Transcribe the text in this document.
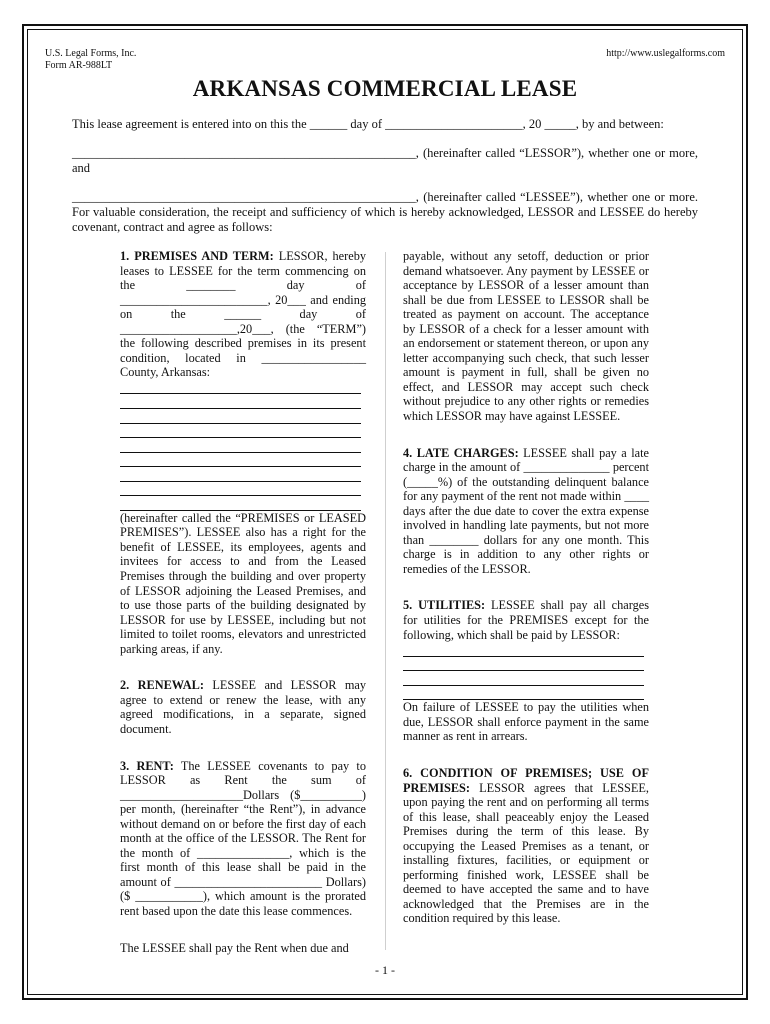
U.S. Legal Forms, Inc.
Form AR-988LT
http://www.uslegalforms.com
ARKANSAS COMMERCIAL LEASE
This lease agreement is entered into on this the ______ day of ______________________, 20 _____, by and between:
_______________________________________________________, (hereinafter called “LESSOR”), whether one or more, and
_______________________________________________________, (hereinafter called “LESSEE”), whether one or more. For valuable consideration, the receipt and sufficiency of which is hereby acknowledged, LESSOR and LESSEE do hereby covenant, contract and agree as follows:

1. PREMISES AND TERM: LESSOR, hereby leases to LESSEE for the term commencing on the ________ day of ________________________, 20___ and ending on the ______ day of ___________________,20___, (the “TERM”) the following described premises in its present condition, located in _________________ County, Arkansas:

(hereinafter called the “PREMISES or LEASED PREMISES”). LESSEE also has a right for the benefit of LESSEE, its employees, agents and invitees for access to and from the Leased Premises through the building and over property of LESSOR adjoining the Leased Premises, and to use those parts of the building designated by LESSOR for use by LESSEE, including but not limited to toilet rooms, elevators and unrestricted parking areas, if any.

2. RENEWAL: LESSEE and LESSOR may agree to extend or renew the lease, with any agreed modifications, in a separate, signed document.

3. RENT: The LESSEE covenants to pay to LESSOR as Rent the sum of ____________________Dollars ($__________) per month, (hereinafter “the Rent”), in advance without demand on or before the first day of each month at the office of the LESSOR. The Rent for the month of _______________, which is the first month of this lease shall be paid in the amount of ________________________ Dollars) ($ ___________), which amount is the prorated rent based upon the date this lease commences.

The LESSEE shall pay the Rent when due and

payable, without any setoff, deduction or prior demand whatsoever. Any payment by LESSEE or acceptance by LESSOR of a lesser amount than shall be due from LESSEE to LESSOR shall be treated as payment on account. The acceptance by LESSOR of a check for a lesser amount with an endorsement or statement thereon, or upon any letter accompanying such check, that such lesser amount is payment in full, shall be given no effect, and LESSOR may accept such check without prejudice to any other rights or remedies which LESSOR may have against LESSEE.

4. LATE CHARGES: LESSEE shall pay a late charge in the amount of ______________ percent (_____%) of the outstanding delinquent balance for any payment of the rent not made within ____ days after the due date to cover the extra expense involved in handling late payments, but not more than ________ dollars for any one month. This charge is in addition to any other rights or remedies of the LESSOR.

5. UTILITIES: LESSEE shall pay all charges for utilities for the PREMISES except for the following, which shall be paid by LESSOR:

On failure of LESSEE to pay the utilities when due, LESSOR shall enforce payment in the same manner as rent in arrears.

6. CONDITION OF PREMISES; USE OF PREMISES: LESSOR agrees that LESSEE, upon paying the rent and on performing all terms of this lease, shall peaceably enjoy the Leased Premises during the term of this lease. By occupying the Leased Premises as a tenant, or installing fixtures, facilities, or equipment or performing finished work, LESSEE shall be deemed to have accepted the same and to have acknowledged that the Premises are in the condition required by this lease.

- 1 -
